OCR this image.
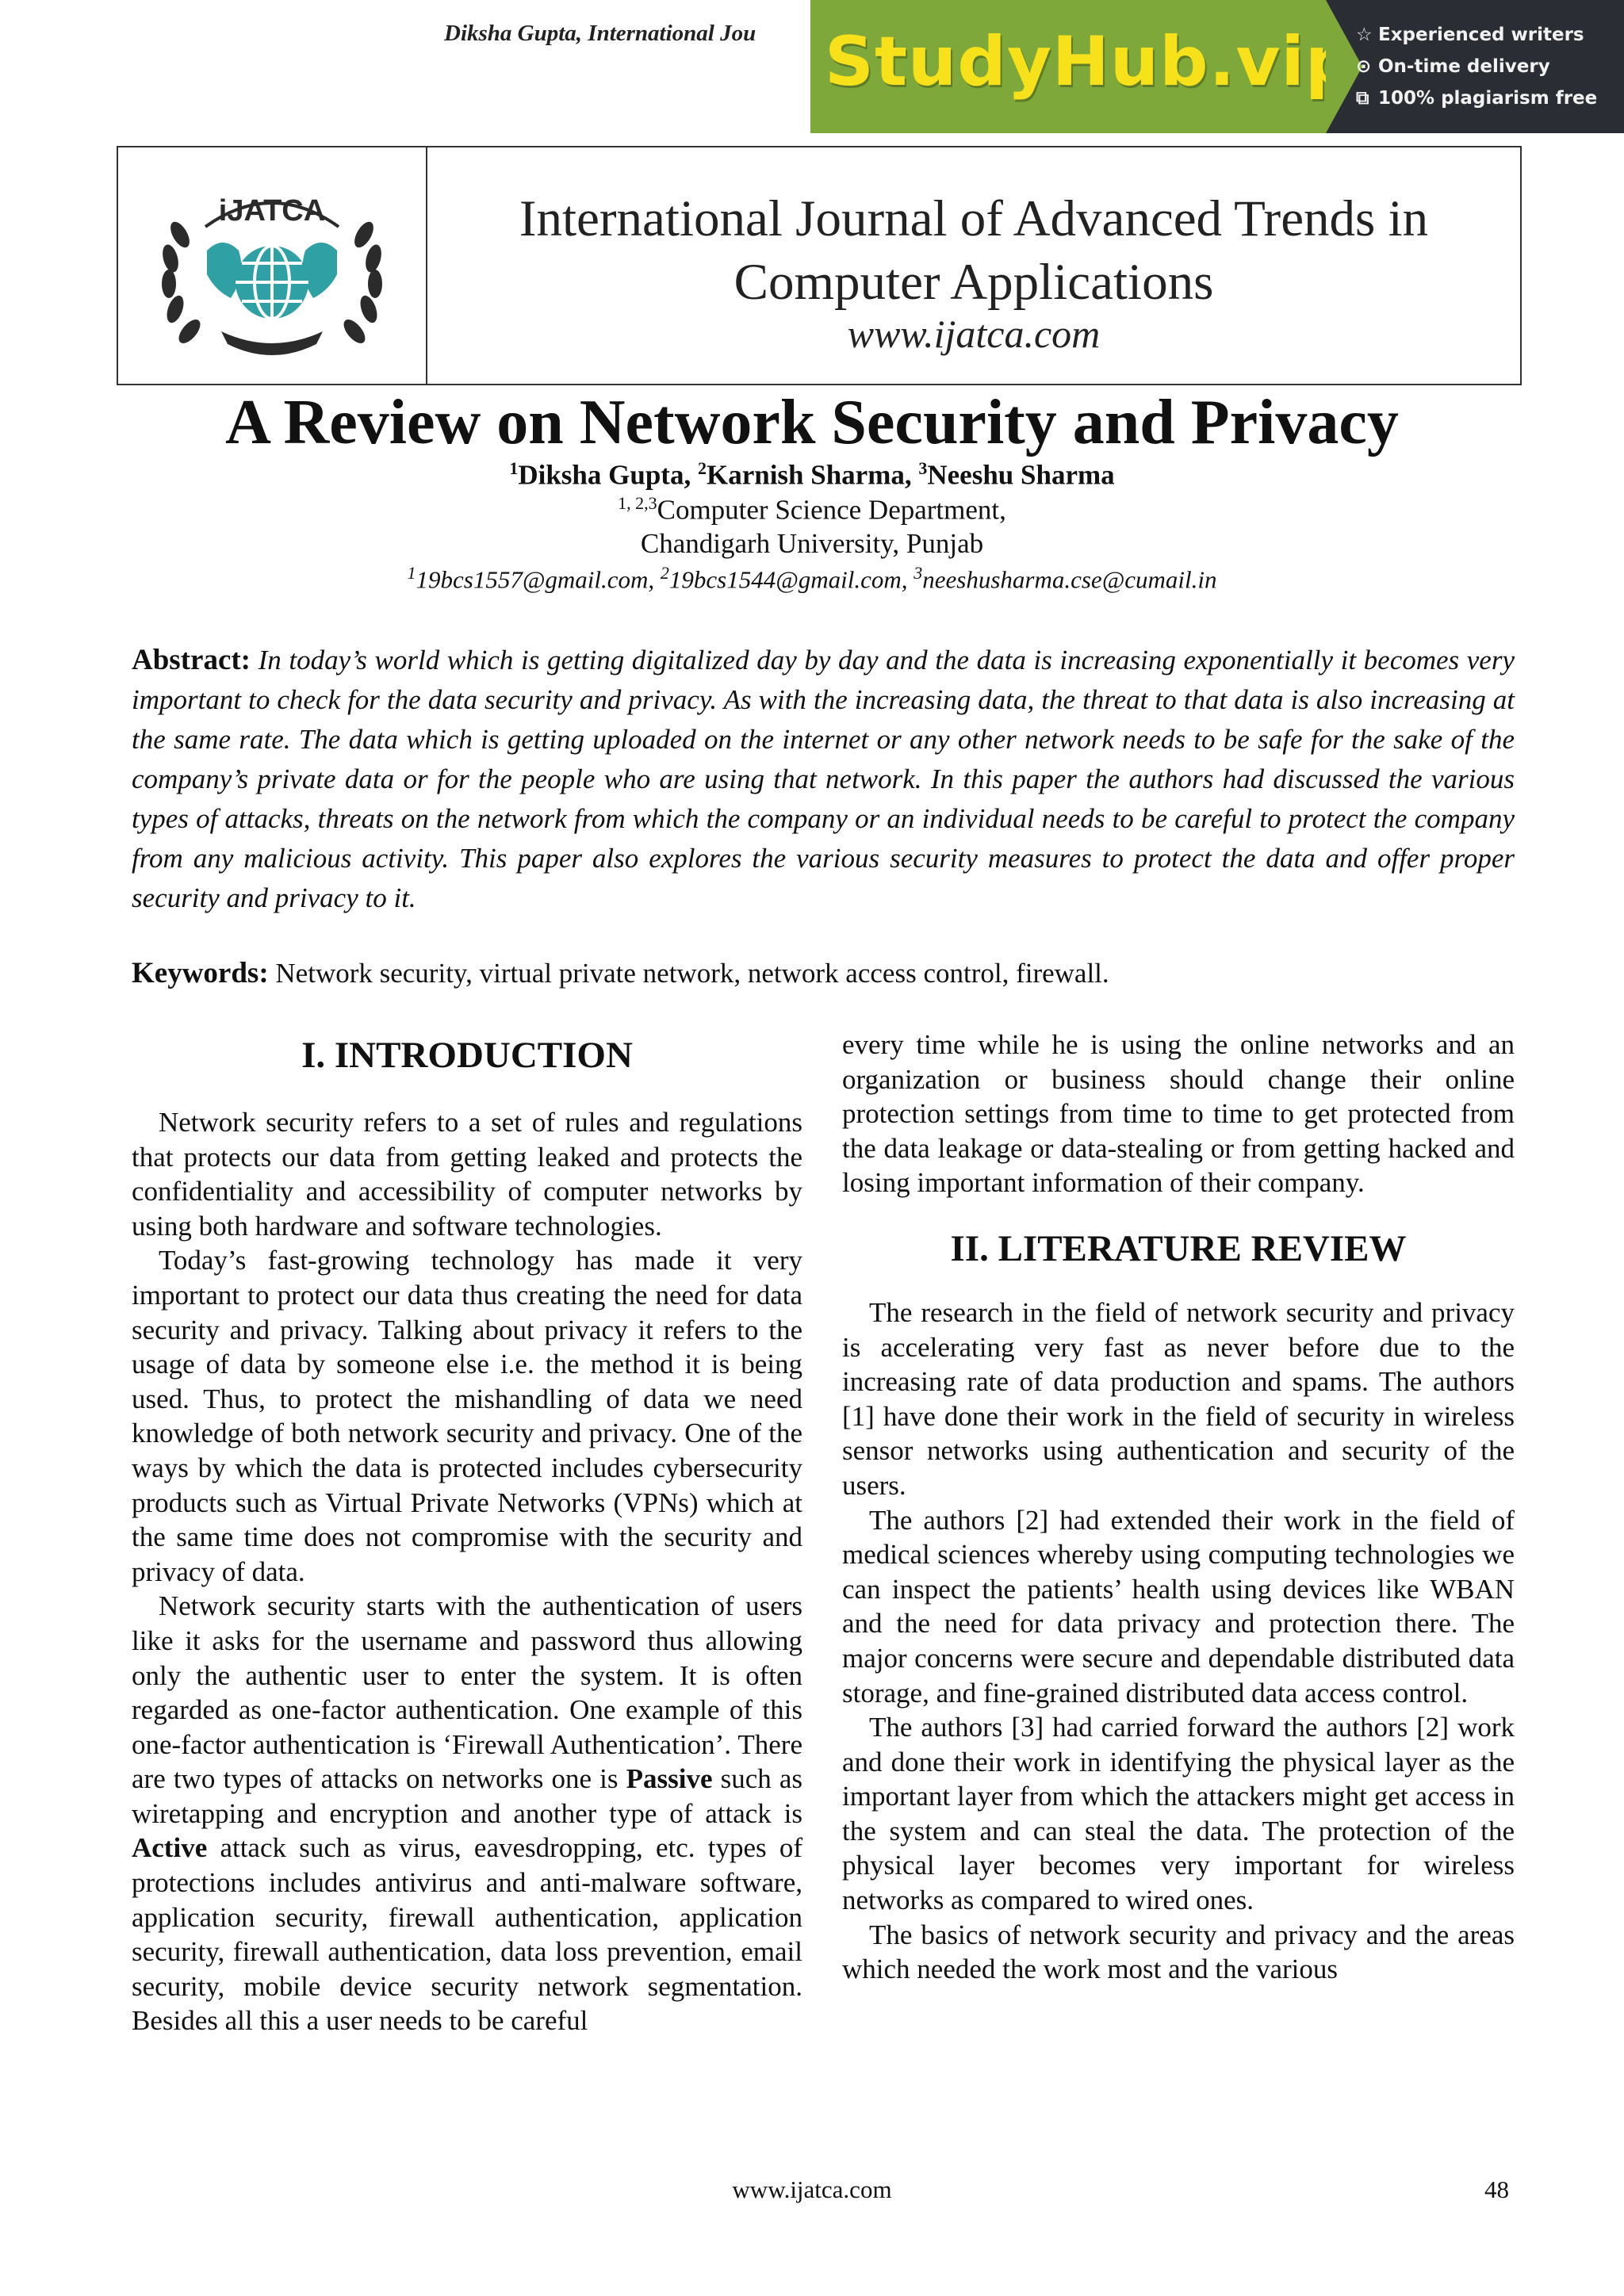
Diksha Gupta, International Jou StudyHub.vip ☆ Experienced writers
⊙ On-time delivery
⧉ 100% plagiarism free
iJATCA	International Journal of Advanced Trends in
Computer Applications
www.ijatca.com
A Review on Network Security and Privacy
$^1$Diksha Gupta, $^2$Karnish Sharma, $^3$Neeshu Sharma
$^{1, 2,3}$Computer Science Department,
Chandigarh University, Punjab
$^1$19bcs1557@gmail.com, $^2$19bcs1544@gmail.com, $^3$neeshusharma.cse@cumail.in
Abstract: In today’s world which is getting digitalized day by day and the data is increasing exponentially it becomes very important to check for the data security and privacy. As with the increasing data, the threat to that data is also increasing at the same rate. The data which is getting uploaded on the internet or any other network needs to be safe for the sake of the company’s private data or for the people who are using that network. In this paper the authors had discussed the various types of attacks, threats on the network from which the company or an individual needs to be careful to protect the company from any malicious activity. This paper also explores the various security measures to protect the data and offer proper security and privacy to it.
Keywords: Network security, virtual private network, network access control, firewall.
I. INTRODUCTION

Network security refers to a set of rules and regulations that protects our data from getting leaked and protects the confidentiality and accessibility of computer networks by using both hardware and software technologies.

Today’s fast-growing technology has made it very important to protect our data thus creating the need for data security and privacy. Talking about privacy it refers to the usage of data by someone else i.e. the method it is being used. Thus, to protect the mishandling of data we need knowledge of both network security and privacy. One of the ways by which the data is protected includes cybersecurity products such as Virtual Private Networks (VPNs) which at the same time does not compromise with the security and privacy of data.

Network security starts with the authentication of users like it asks for the username and password thus allowing only the authentic user to enter the system. It is often regarded as one-factor authentication. One example of this one-factor authentication is ‘Firewall Authentication’. There are two types of attacks on networks one is Passive such as wiretapping and encryption and another type of attack is Active attack such as virus, eavesdropping, etc. types of protections includes antivirus and anti-malware software, application security, firewall authentication, application security, firewall authentication, data loss prevention, email security, mobile device security network segmentation. Besides all this a user needs to be careful

every time while he is using the online networks and an organization or business should change their online protection settings from time to time to get protected from the data leakage or data-stealing or from getting hacked and losing important information of their company.

II. LITERATURE REVIEW

The research in the field of network security and privacy is accelerating very fast as never before due to the increasing rate of data production and spams. The authors [1] have done their work in the field of security in wireless sensor networks using authentication and security of the users.

The authors [2] had extended their work in the field of medical sciences whereby using computing technologies we can inspect the patients’ health using devices like WBAN and the need for data privacy and protection there. The major concerns were secure and dependable distributed data storage, and fine-grained distributed data access control.

The authors [3] had carried forward the authors [2] work and done their work in identifying the physical layer as the important layer from which the attackers might get access in the system and can steal the data. The protection of the physical layer becomes very important for wireless networks as compared to wired ones.

The basics of network security and privacy and the areas which needed the work most and the various

www.ijatca.com	48
